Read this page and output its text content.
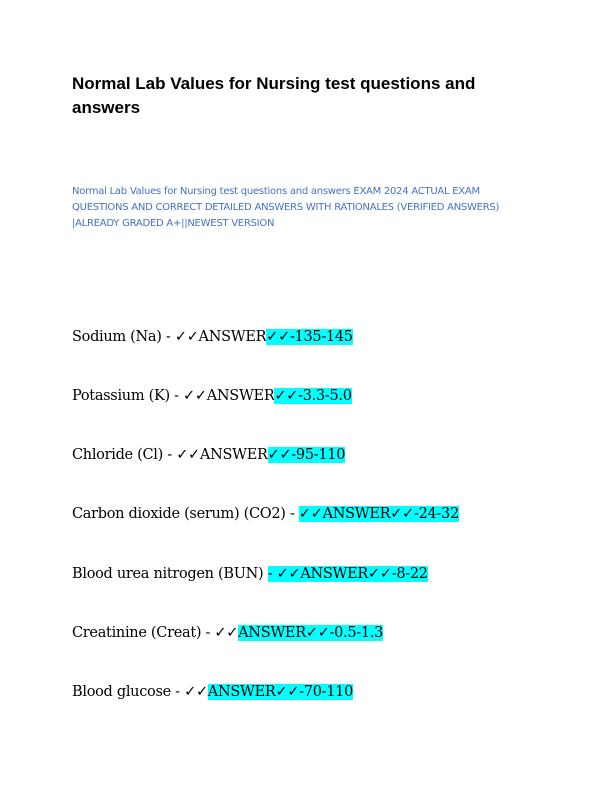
Normal Lab Values for Nursing test questions and answers

Normal Lab Values for Nursing test questions and answers EXAM 2024 ACTUAL EXAM QUESTIONS AND CORRECT DETAILED ANSWERS WITH RATIONALES (VERIFIED ANSWERS) |ALREADY GRADED A+||NEWEST VERSION

Sodium (Na) - ✓✓ANSWER✓✓-135-145
Potassium (K) - ✓✓ANSWER✓✓-3.3-5.0
Chloride (Cl) - ✓✓ANSWER✓✓-95-110
Carbon dioxide (serum) (CO2) - ✓✓ANSWER✓✓-24-32
Blood urea nitrogen (BUN) - ✓✓ANSWER✓✓-8-22
Creatinine (Creat) - ✓✓ANSWER✓✓-0.5-1.3
Blood glucose - ✓✓ANSWER✓✓-70-110
